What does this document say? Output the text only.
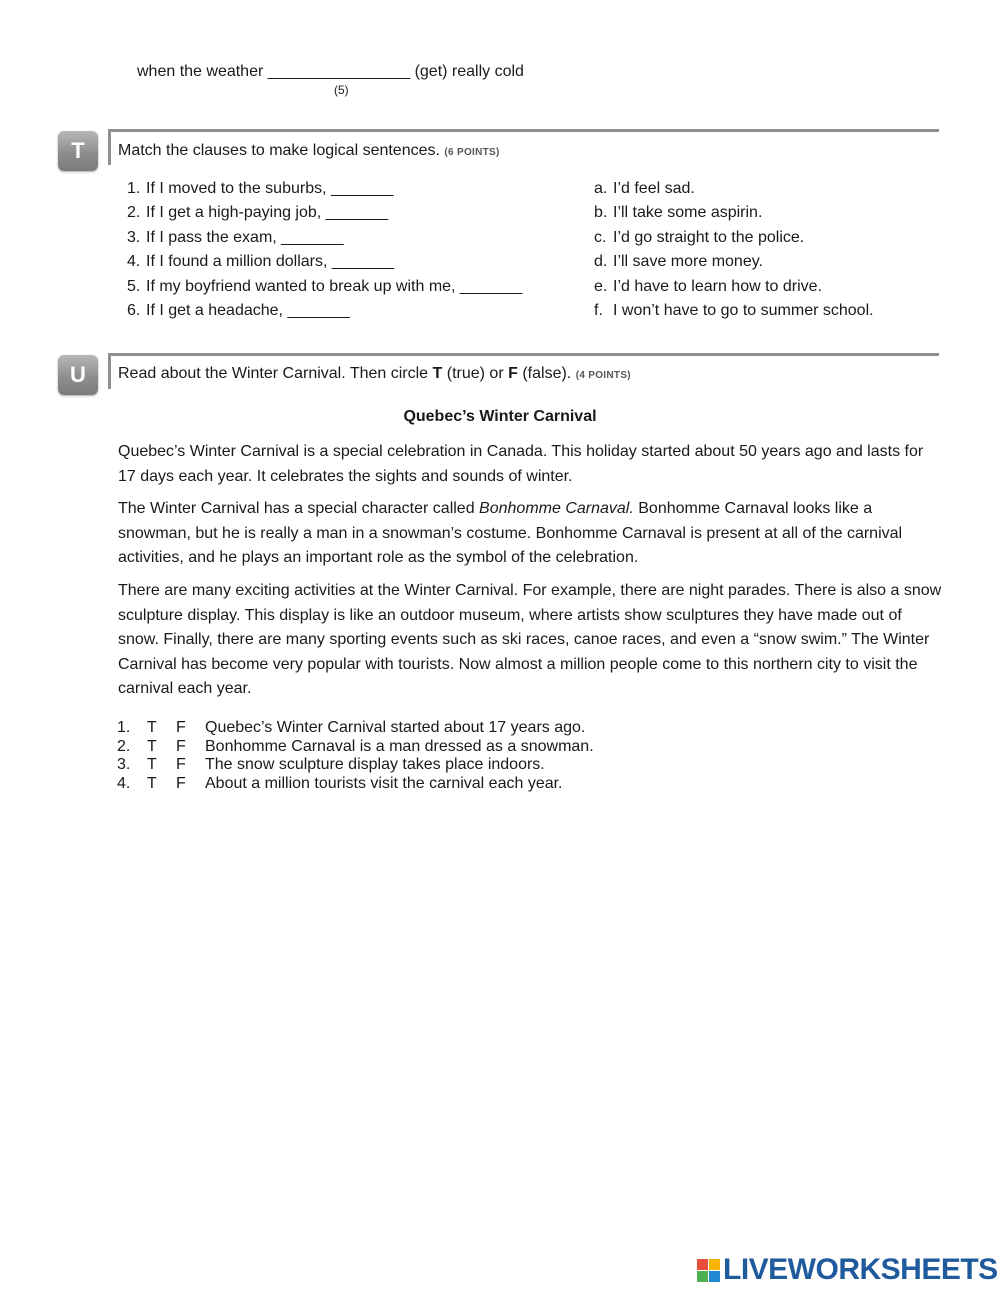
when the weather ________________ (get) really cold
(5)
T	Match the clauses to make logical sentences. (6 POINTS)
1. If I moved to the suburbs, _______
2. If I get a high-paying job, _______
3. If I pass the exam, _______
4. If I found a million dollars, _______
5. If my boyfriend wanted to break up with me, _______
6. If I get a headache, _______
a. I’d feel sad.
b. I’ll take some aspirin.
c. I’d go straight to the police.
d. I’ll save more money.
e. I’d have to learn how to drive.
f. I won’t have to go to summer school.
U	Read about the Winter Carnival. Then circle T (true) or F (false). (4 POINTS)
Quebec’s Winter Carnival
Quebec’s Winter Carnival is a special celebration in Canada. This holiday started about 50 years ago and lasts for 17 days each year. It celebrates the sights and sounds of winter.
The Winter Carnival has a special character called Bonhomme Carnaval. Bonhomme Carnaval looks like a snowman, but he is really a man in a snowman’s costume. Bonhomme Carnaval is present at all of the carnival activities, and he plays an important role as the symbol of the celebration.
There are many exciting activities at the Winter Carnival. For example, there are night parades. There is also a snow sculpture display. This display is like an outdoor museum, where artists show sculptures they have made out of snow. Finally, there are many sporting events such as ski races, canoe races, and even a “snow swim.” The Winter Carnival has become very popular with tourists. Now almost a million people come to this northern city to visit the carnival each year.
1. T F Quebec’s Winter Carnival started about 17 years ago.
2. T F Bonhomme Carnaval is a man dressed as a snowman.
3. T F The snow sculpture display takes place indoors.
4. T F About a million tourists visit the carnival each year.
LIVEWORKSHEETS
